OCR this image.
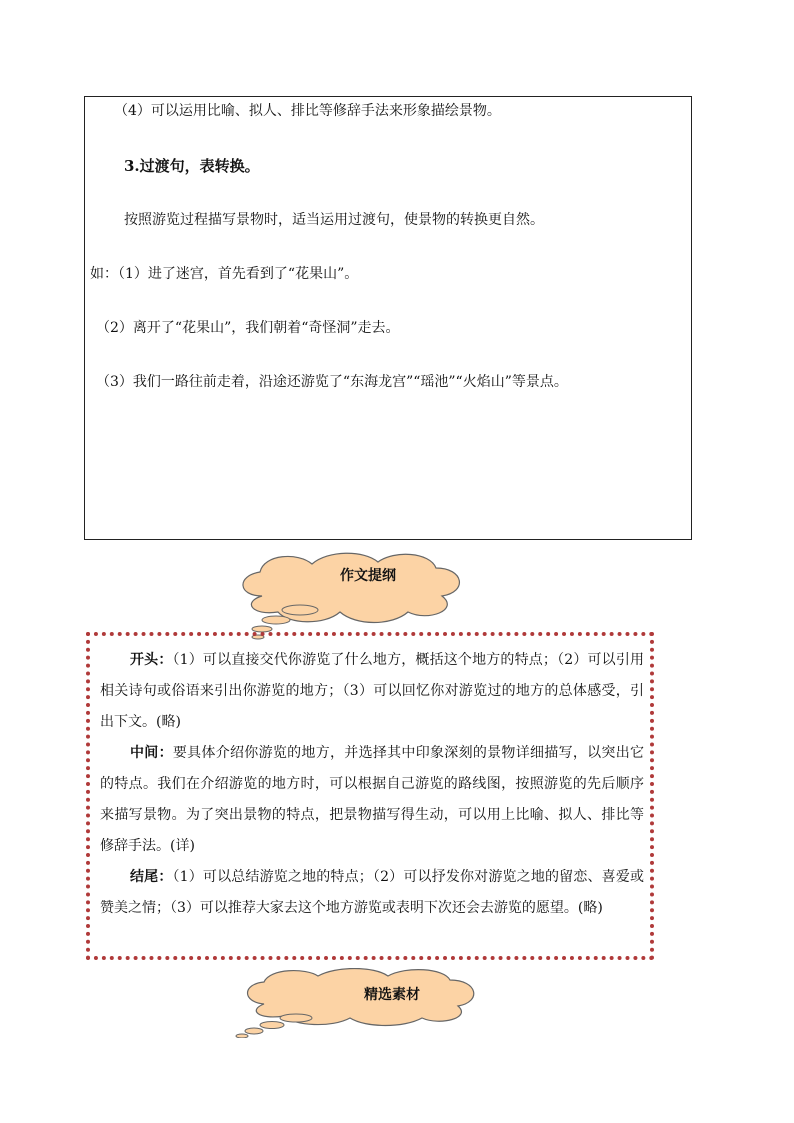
（4）可以运用比喻、拟人、排比等修辞手法来形象描绘景物。
3.过渡句，表转换。
按照游览过程描写景物时，适当运用过渡句，使景物的转换更自然。
如：（1）进了迷宫，首先看到了“花果山”。
（2）离开了“花果山”，我们朝着“奇怪洞”走去。
（3）我们一路往前走着，沿途还游览了“东海龙宫”“瑶池”“火焰山”等景点。
作文提纲

开头：（1）可以直接交代你游览了什么地方，概括这个地方的特点；（2）可以引用相关诗句或俗语来引出你游览的地方；（3）可以回忆你对游览过的地方的总体感受，引出下文。(略)

中间：要具体介绍你游览的地方，并选择其中印象深刻的景物详细描写，以突出它的特点。我们在介绍游览的地方时，可以根据自己游览的路线图，按照游览的先后顺序来描写景物。为了突出景物的特点，把景物描写得生动，可以用上比喻、拟人、排比等修辞手法。(详)

结尾：（1）可以总结游览之地的特点；（2）可以抒发你对游览之地的留恋、喜爱或赞美之情；（3）可以推荐大家去这个地方游览或表明下次还会去游览的愿望。(略)

精选素材
